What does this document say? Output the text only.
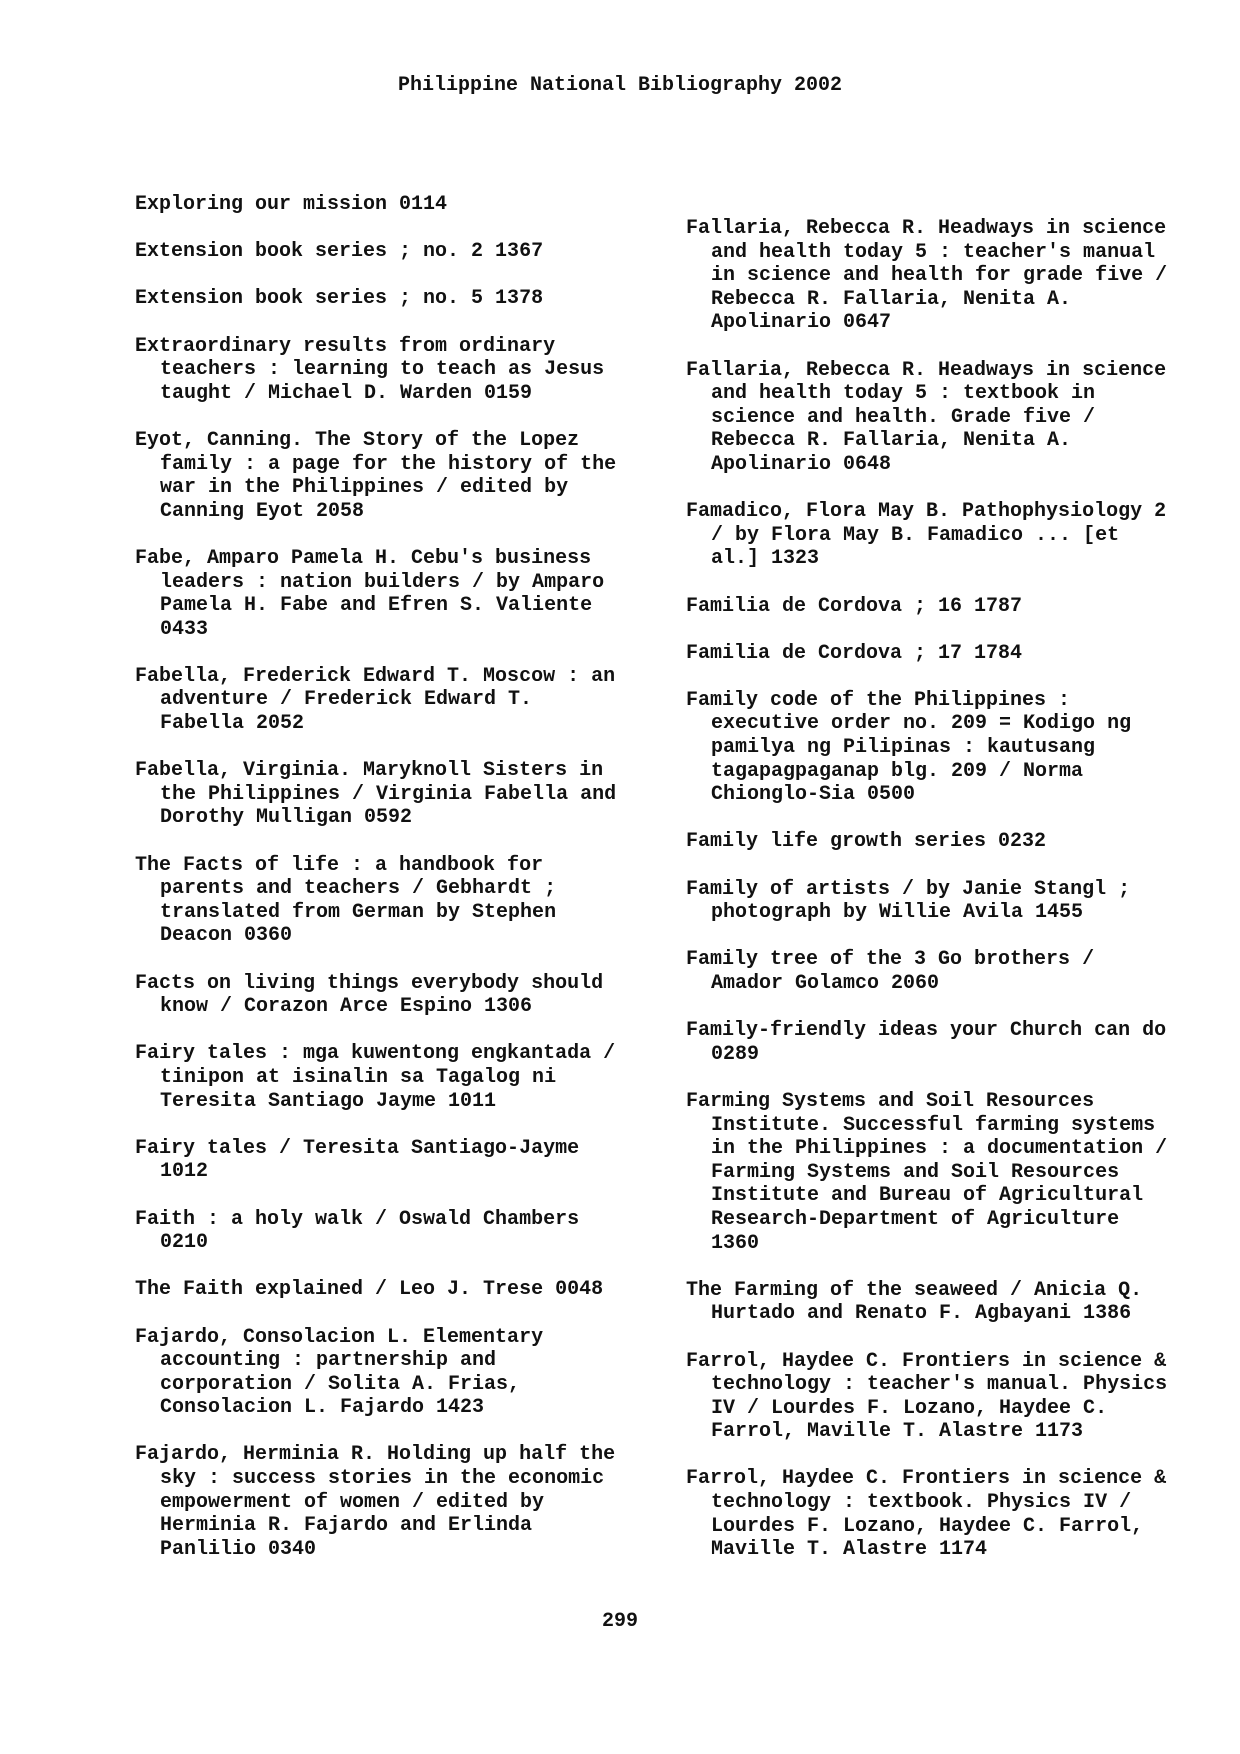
Philippine National Bibliography 2002
Exploring our mission 0114
Extension book series ; no. 2 1367
Extension book series ; no. 5 1378
Extraordinary results from ordinary
teachers : learning to teach as Jesus
taught / Michael D. Warden 0159
Eyot, Canning. The Story of the Lopez
family : a page for the history of the
war in the Philippines / edited by
Canning Eyot 2058
Fabe, Amparo Pamela H. Cebu's business
leaders : nation builders / by Amparo
Pamela H. Fabe and Efren S. Valiente
0433
Fabella, Frederick Edward T. Moscow : an
adventure / Frederick Edward T.
Fabella 2052
Fabella, Virginia. Maryknoll Sisters in
the Philippines / Virginia Fabella and
Dorothy Mulligan 0592
The Facts of life : a handbook for
parents and teachers / Gebhardt ;
translated from German by Stephen
Deacon 0360
Facts on living things everybody should
know / Corazon Arce Espino 1306
Fairy tales : mga kuwentong engkantada /
tinipon at isinalin sa Tagalog ni
Teresita Santiago Jayme 1011
Fairy tales / Teresita Santiago-Jayme
1012
Faith : a holy walk / Oswald Chambers
0210
The Faith explained / Leo J. Trese 0048
Fajardo, Consolacion L. Elementary
accounting : partnership and
corporation / Solita A. Frias,
Consolacion L. Fajardo 1423
Fajardo, Herminia R. Holding up half the
sky : success stories in the economic
empowerment of women / edited by
Herminia R. Fajardo and Erlinda
Panlilio 0340
Fallaria, Rebecca R. Headways in science
and health today 5 : teacher's manual
in science and health for grade five /
Rebecca R. Fallaria, Nenita A.
Apolinario 0647
Fallaria, Rebecca R. Headways in science
and health today 5 : textbook in
science and health. Grade five /
Rebecca R. Fallaria, Nenita A.
Apolinario 0648
Famadico, Flora May B. Pathophysiology 2
/ by Flora May B. Famadico ... [et
al.] 1323
Familia de Cordova ; 16 1787
Familia de Cordova ; 17 1784
Family code of the Philippines :
executive order no. 209 = Kodigo ng
pamilya ng Pilipinas : kautusang
tagapagpaganap blg. 209 / Norma
Chionglo-Sia 0500
Family life growth series 0232
Family of artists / by Janie Stangl ;
photograph by Willie Avila 1455
Family tree of the 3 Go brothers /
Amador Golamco 2060
Family-friendly ideas your Church can do
0289
Farming Systems and Soil Resources
Institute. Successful farming systems
in the Philippines : a documentation /
Farming Systems and Soil Resources
Institute and Bureau of Agricultural
Research-Department of Agriculture
1360
The Farming of the seaweed / Anicia Q.
Hurtado and Renato F. Agbayani 1386
Farrol, Haydee C. Frontiers in science &
technology : teacher's manual. Physics
IV / Lourdes F. Lozano, Haydee C.
Farrol, Maville T. Alastre 1173
Farrol, Haydee C. Frontiers in science &
technology : textbook. Physics IV /
Lourdes F. Lozano, Haydee C. Farrol,
Maville T. Alastre 1174
299
